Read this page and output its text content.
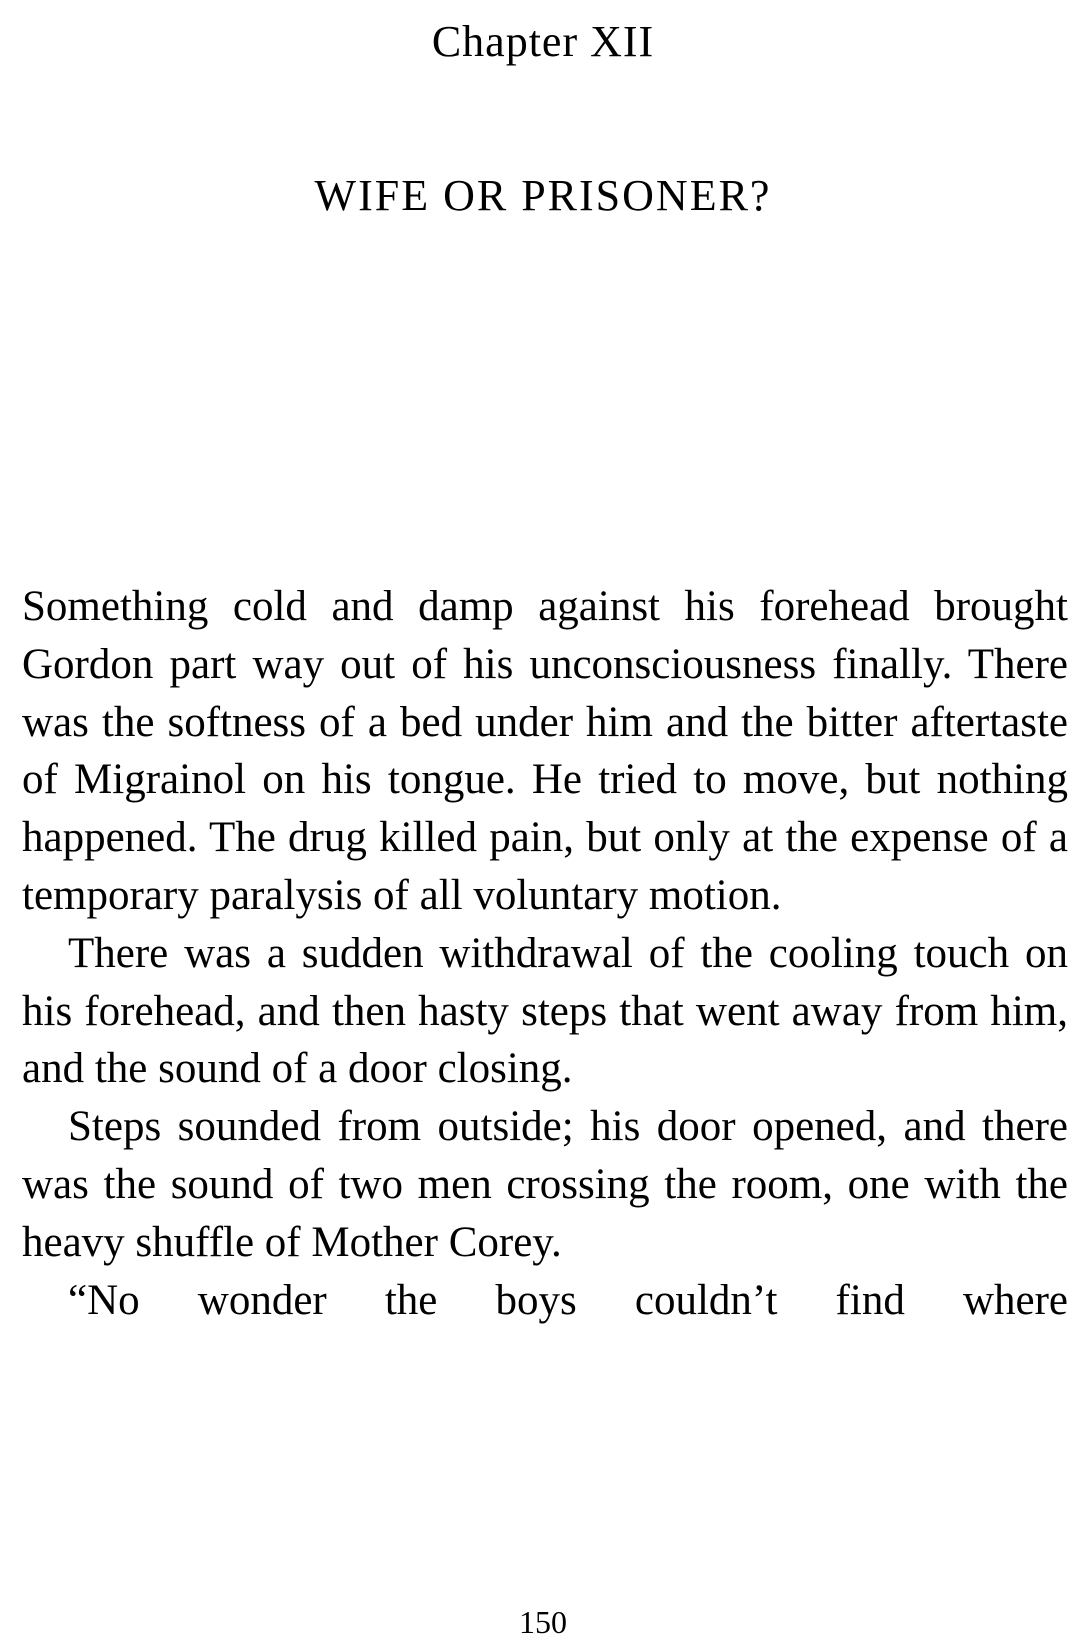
Chapter XII
WIFE OR PRISONER?

Something cold and damp against his forehead brought Gordon part way out of his unconsciousness finally. There was the softness of a bed under him and the bitter aftertaste of Migrainol on his tongue. He tried to move, but nothing happened. The drug killed pain, but only at the expense of a temporary paralysis of all voluntary motion.

There was a sudden withdrawal of the cooling touch on his forehead, and then hasty steps that went away from him, and the sound of a door closing.

Steps sounded from outside; his door opened, and there was the sound of two men crossing the room, one with the heavy shuffle of Mother Corey.

“No wonder the boys couldn’t find where

150
